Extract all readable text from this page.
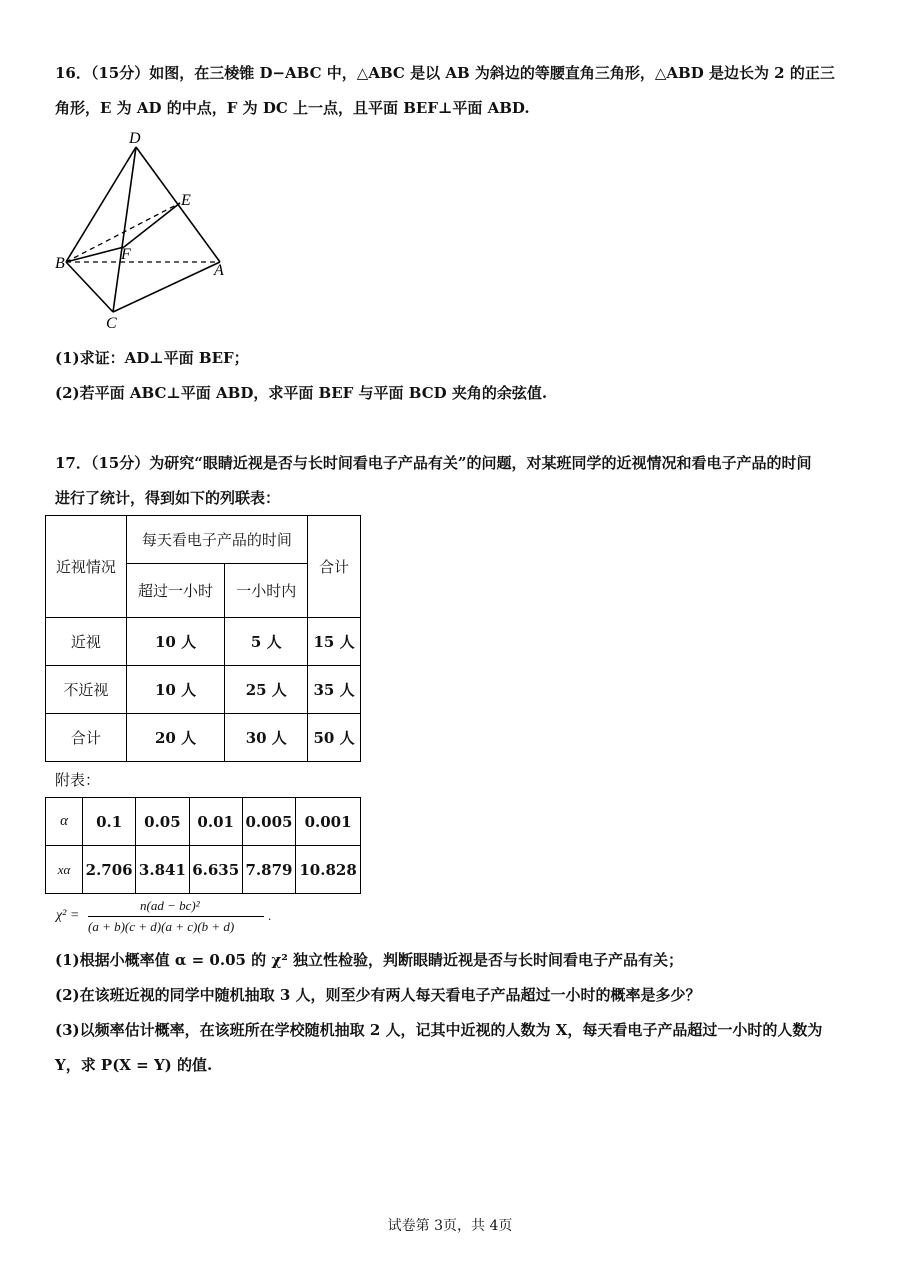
16．（15分）如图，在三棱锥 D−ABC 中，△ABC 是以 AB 为斜边的等腰直角三角形，△ABD 是边长为 2 的正三
角形，E 为 AD 的中点，F 为 DC 上一点，且平面 BEF⊥平面 ABD.
D
E
B
F
A
C
(1)求证：AD⊥平面 BEF；
(2)若平面 ABC⊥平面 ABD，求平面 BEF 与平面 BCD 夹角的余弦值.
17．（15分）为研究“眼睛近视是否与长时间看电子产品有关”的问题，对某班同学的近视情况和看电子产品的时间
进行了统计，得到如下的列联表：
近视情况	每天看电子产品的时间		合计
	超过一小时	一小时内	
近视	10 人	5 人	15 人
不近视	10 人	25 人	35 人
合计	20 人	30 人	50 人
附表：
α	0.1	0.05	0.01	0.005	0.001
xα	2.706	3.841	6.635	7.879	10.828
χ² =
n(ad − bc)²
(a + b)(c + d)(a + c)(b + d)
.
(1)根据小概率值 α = 0.05 的 χ² 独立性检验，判断眼睛近视是否与长时间看电子产品有关；
(2)在该班近视的同学中随机抽取 3 人，则至少有两人每天看电子产品超过一小时的概率是多少？
(3)以频率估计概率，在该班所在学校随机抽取 2 人，记其中近视的人数为 X，每天看电子产品超过一小时的人数为
Y，求 P(X = Y) 的值.
试卷第 3页，共 4页
